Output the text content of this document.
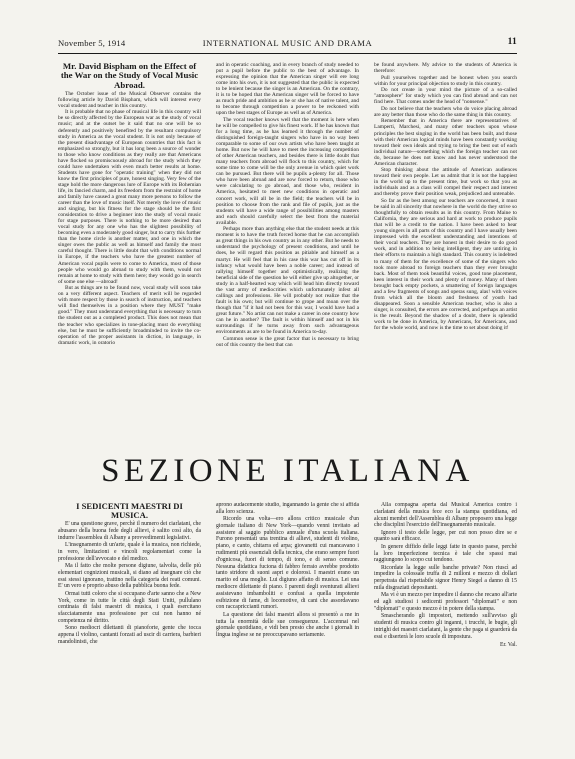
November 5, 1914	INTERNATIONAL MUSIC AND DRAMA	11

Mr. David Bispham on the Effect of the War on the Study of Vocal Music Abroad.

The October issue of the Musical Observer contains the following article by David Bispham, which will interest every vocal student and teacher in this country.

It is probable that no phase of musical life in this country will be so directly affected by the European war as the study of vocal music; and at the outset be it said that no one will be so deferently and positively benefited by the resultant compulsory study in America as the vocal student. It is not only because of the present disadvantage of European countries that this fact is emphasized so strongly, but it has long been a source of wonder to those who know conditions as they really are that Americans have flocked so promiscuously abroad for the study which they could have undertaken with even much better results at home. Students have gone for "operatic training" when they did not know the first principles of pure, honest singing. Very few of the stage hold the more dangerous lure of Europe with its Bohemian life, its fancied charm, and its freedom from the restraint of home and family have caused a great many more persons to follow the career than the love of music itself. Not merely the love of music and singing, but his fitness for the stage should be the first consideration to drive a beginner into the study of vocal music for stage purposes. There is nothing to be more desired than vocal study for any one who has the slightest possibility of becoming even a moderately good singer, but to carry this further than the home circle is another matter, and one in which the singer owes the public as well as himself and family the most careful thought. There is little doubt that with conditions normal in Europe, if the teachers who have the greatest number of American vocal pupils were to come to America, most of those people who would go abroad to study with them, would not remain at home to study with them here; they would go in search of some one else —abroad!

But as things are to be found now, vocal study will soon take on a very different aspect. Teachers of merit will be regarded with more respect by those in search of instruction, and teachers will find themselves in a position where they MUST "make good." They must understand everything that is necessary to turn the student out as a completed product. This does not mean that the teacher who specializes in tone-placing must do everything else, but he must be sufficiently broadminded to invite the co-operation of the proper assistants in diction, in language, in dramatic work, in oratorio

and in operatic coaching, and in every branch of study needed to put a pupil before the public to the best of advantage. In expressing the opinion that the American singer will ere long come into his own, it is not suggested that the public is expected to be lenient because the singer is an American. On the contrary, it is to be hoped that the American singer will be forced to have as much pride and ambition as he or she has of native talent, and to become through competition a power to be reckoned with upon the best stages of Europe as well as of America.

The vocal teacher knows well that the moment is here when he will be compelled to give his finest work. If he has known that for a long time, as he has learned it through the number of distinguished foreign-taught singers who have in no way been comparable to some of our own artists who have been taught at home. But now he will have to meet the increasing competition of other American teachers, and besides there is little doubt that many teachers from abroad will flock to this country, which for some time to come will be the only avenue in which quiet work can be pursued. But there will be pupils a-plenty for all. Those who have been abroad and are now forced to return, those who were calculating to go abroad, and those who, resident in America, hesitated to meet new conditions in operatic and concert work, will all be in the field; the teachers will be in position to choose from the rank and file of pupils, just as the students will have a wide range of possibilities among masters and each should carefully select the best from the material available.

Perhaps more than anything else that the student needs at this moment is to have the truth forced home that he can accomplish as great things in his own country as in any other. But he needs to understand the psychology of present conditions, and until he does, he will regard this position as pitiable and himself as a martyr. He will feel that in his case this war has cut off in its infancy what would have been a noble career; and instead of rallying himself together and optimistically, realizing the beneficial side of the question he will either give up altogether, or study in a half-hearted way which will head him directly toward the vast army of mediocrities which unfortunately infest all callings and professions. He will probably not realize that the fault is his own; but will continue to grope and moan over the though that "if it had not been for this war, I would have had a great future." No artist can not make a career in one country how can he in another? The fault is within himself and not in his surroundings if he turns away from such advantageous environments as are to be found in America to-day.

Common sense is the great factor that is necessary to bring out of this country the best that can

be found anywhere. My advice to the students of America is therefore:

Pull yourselves together and be honest when you search within for your principal objection to study in this country.

Do not create in your mind the picture of a so-called "atmosphere" for study which you can find abroad and can not find here. That comes under the head of "nonsense."

Do not believe that the teachers who do voice placing abroad are any better than those who do the same thing in this country.

Remember that in America there are representatives of Lamperti, Marchesi, and many other teachers upon whose principles the best singing in the world has been built, and those with their American logical minds have been constantly working toward their own ideals and trying to bring the best out of each individual nature—something which the foreign teacher can not do, because he does not know and has never understood the American character.

Stop thinking about the attitude of American audiences toward their own people. Let us admit that it is not the happiest in the world up to the present time, but work so that you as individuals and as a class will compel their respect and interest and thereby prove their position weak, prejudiced and untenable.

So far as the best among our teachers are concerned, it must be said in all sincerity that nowhere in the world do they strive so thoughtfully to obtain results as in this country. From Maine to California, they are serious and hard at work to produce pupils that will be a credit to the nation. I have been asked to hear young singers in all parts of this country and I have usually been impressed with the excellent understanding and intentions of their vocal teachers. They are honest in their desire to do good work, and in addition to being intelligent, they are untiring in their efforts to maintain a high standard. This country is indebted to many of them for the excellence of some of the singers who took more abroad to foreign teachers than they ever brought back. Most of them took beautiful voices, good tone placement, keen interest in their work and plenty of money. Many of them brought back empty pockets, a smattering of foreign languages and a few fragments of songs and operas sung, alas! with voices from which all the bloom and freshness of youth had disappeared. Soon a sensible American teacher, who is also a singer, is consulted, the errors are corrected, and perhaps an artist is the result. Beyond the shadow of a doubt, there is splendid work to be done in America, by Americans, for Americans, and for the whole world, and now is the time to set about doing it!

SEZIONE ITALIANA

I SEDICENTI MAESTRI DI MUSICA.

E' una questione grave, perchè il numero dei ciarlatani, che abusano della buona fede degli allievi, è salito così alto, da indurre l'assemblea di Albany a provvedimenti legislativi.

L'insegnamento di un'arte, quale è la musica, non richiede, in vero, limitazioni e vincoli regolamentari come la professione dell'avvocato e del medico.

Ma il fatto che molte persone digiune, talvolta, delle più elementari cognizioni musicali, si diano ad insegnare ciò che essi stessi ignorano, trattino nella categoria dei reati comuni. E' un vero e proprio abuso della pubblica buona fede.

Ormai tutti coloro che si occupano d'arte sanno che a New York, come in tutte le città degli Stati Uniti, pullulano centinaia di falsi maestri di musica, i quali esercitano sfacciatamente una professione per cui non hanno né competenza nè diritto.

Sono mediocri dilettanti di pianoforte, gente che tocca appena il violino, cantanti forzati ad uscir di carriera, barbieri mandolinisti, che

aprono audacemente studio, ingannando la gente che si affida alla loro scienza.

Ricordo una volta—ero allora critico musicale d'un giornale italiano di New York—quando venni invitato ad assistere al saggio pubblico annuale d'una scuola italiana. Furono presentati una trentina di allievi, studenti di violino, piano, e canto, chitarra ed arpa; giovanetti cui mancavano i rudimenti più essenziali della tecnica, che erano sempre fuori d'ognicosa, fuori di tempo, di tono, e di senso comune. Nessuna didattica fuciona di fabbro ferraio avrebbe prodotto tanto stridore di suoni aspri e dolorosi. I maestri erano un marito ed una moglie. Lui digiuno affatto di musica. Lei una mediocre dilettante di piano. I parenti degli sventurati allievi assistevano imbamboliti e confusi a quella impotente esibizione di fame, di locomotive, di cani che assordavano con raccapriccianti rumori.

La questione dei falsi maestri allora si presentò a me in tutta la enormità delle sue conseguenze. L'accennai nel giornale quotidiano, e vidi ben presto che anche i giornali in lingua inglese se ne preoccupavano seriamente.

Alla compagna aperta dal Musical America contro i ciarlatani della musica fece eco la stampa quotidiana, ed alcuni membri dell'Assemblea di Albany proposero una legge che disciplini l'esercizio dell'insegnamento musicale.

Ignoro il testo delle legge, per cui non posso dire se e quanto sarà efficace.

In genere diffido delle leggi fatte in questo paese, perchè la loro imperfezione tecnica è tale che spassi mai raggiungono lo scopo cui tendono.

Ricordate la legge sulle banche private? Non riuscì ad impedire la colossale truffa di 2 milioni e mezzo di dollari perpetrata dal rispettabile signor Henry Siegel a danno di 15 mila disgraziati depositanti.

Ma vi è un mezzo per impedire il danno che recano all'arte ed agli studiosi i sedicenti professori "diplomati" e non "diplomati" e questo mezzo è in potere della stampa.

Smascherando gli impostori, mettendo sull'avviso gli studenti di musica contro gli inganni, i trucchi, le bugie, gli intrighi dei maestri ciarlatani, la gente che paga si guarderà da essi e diserterà le loro scuole di impostura.

Er. Val.
